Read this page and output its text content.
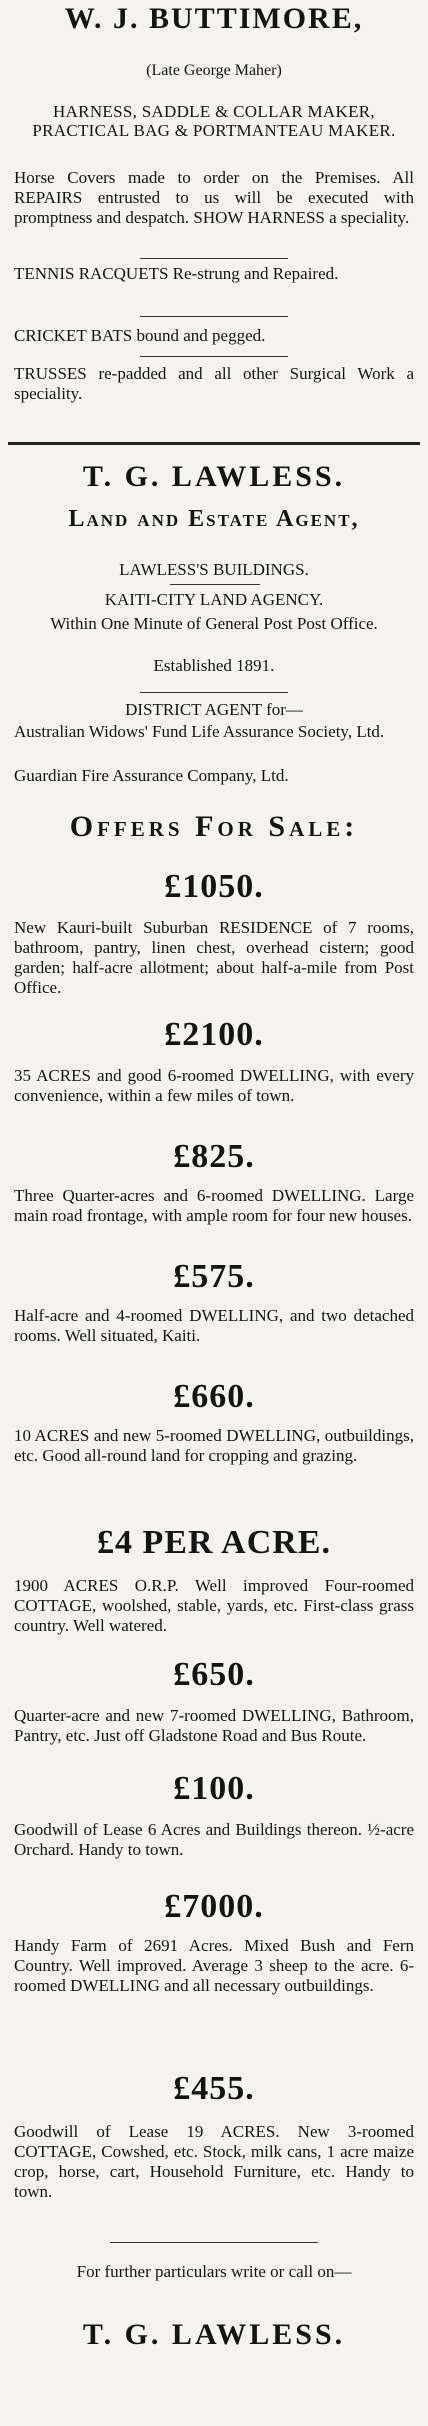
W. J. BUTTIMORE,

(Late George Maher)

HARNESS, SADDLE & COLLAR MAKER, PRACTICAL BAG & PORTMANTEAU MAKER.

Horse Covers made to order on the Premises. All REPAIRS entrusted to us will be executed with promptness and despatch. SHOW HARNESS a speciality.

TENNIS RACQUETS Re-strung and Repaired.

CRICKET BATS bound and pegged.

TRUSSES re-padded and all other Surgical Work a speciality.

T. G. LAWLESS.

Land and Estate Agent,

LAWLESS'S BUILDINGS.

KAITI-CITY LAND AGENCY.

Within One Minute of General Post Post Office.

Established 1891.

DISTRICT AGENT for—

Australian Widows' Fund Life Assurance Society, Ltd.

Guardian Fire Assurance Company, Ltd.

Offers For Sale:

£1050.

New Kauri-built Suburban RESIDENCE of 7 rooms, bathroom, pantry, linen chest, overhead cistern; good garden; half-acre allotment; about half-a-mile from Post Office.

£2100.

35 ACRES and good 6-roomed DWELLING, with every convenience, within a few miles of town.

£825.

Three Quarter-acres and 6-roomed DWELLING. Large main road frontage, with ample room for four new houses.

£575.

Half-acre and 4-roomed DWELLING, and two detached rooms. Well situated, Kaiti.

£660.

10 ACRES and new 5-roomed DWELLING, outbuildings, etc. Good all-round land for cropping and grazing.

£4 PER ACRE.

1900 ACRES O.R.P. Well improved Four-roomed COTTAGE, woolshed, stable, yards, etc. First-class grass country. Well watered.

£650.

Quarter-acre and new 7-roomed DWELLING, Bathroom, Pantry, etc. Just off Gladstone Road and Bus Route.

£100.

Goodwill of Lease 6 Acres and Buildings thereon. ½-acre Orchard. Handy to town.

£7000.

Handy Farm of 2691 Acres. Mixed Bush and Fern Country. Well improved. Average 3 sheep to the acre. 6-roomed DWELLING and all necessary outbuildings.

£455.

Goodwill of Lease 19 ACRES. New 3-roomed COTTAGE, Cowshed, etc. Stock, milk cans, 1 acre maize crop, horse, cart, Household Furniture, etc. Handy to town.

For further particulars write or call on—

T. G. LAWLESS.
